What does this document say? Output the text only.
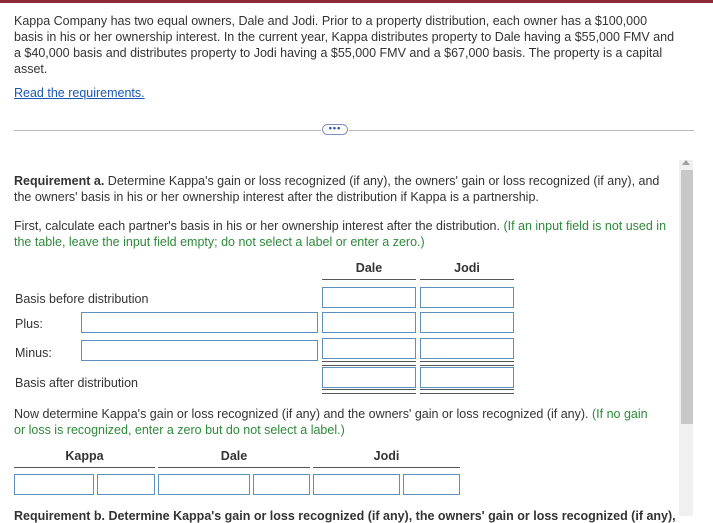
Kappa Company has two equal owners, Dale and Jodi. Prior to a property distribution, each owner has a $100,000 basis in his or her ownership interest. In the current year, Kappa distributes property to Dale having a $55,000 FMV and a $40,000 basis and distributes property to Jodi having a $55,000 FMV and a $67,000 basis. The property is a capital asset.
Read the requirements.
•••
Requirement a. Determine Kappa's gain or loss recognized (if any), the owners' gain or loss recognized (if any), and the owners' basis in his or her ownership interest after the distribution if Kappa is a partnership.
First, calculate each partner's basis in his or her ownership interest after the distribution. (If an input field is not used in the table, leave the input field empty; do not select a label or enter a zero.)
Dale	Jodi
Basis before distribution
Plus:
Minus:
Basis after distribution
Now determine Kappa's gain or loss recognized (if any) and the owners' gain or loss recognized (if any). (If no gain or loss is recognized, enter a zero but do not select a label.)
Kappa	Dale	Jodi
Requirement b. Determine Kappa's gain or loss recognized (if any), the owners' gain or loss recognized (if any),
